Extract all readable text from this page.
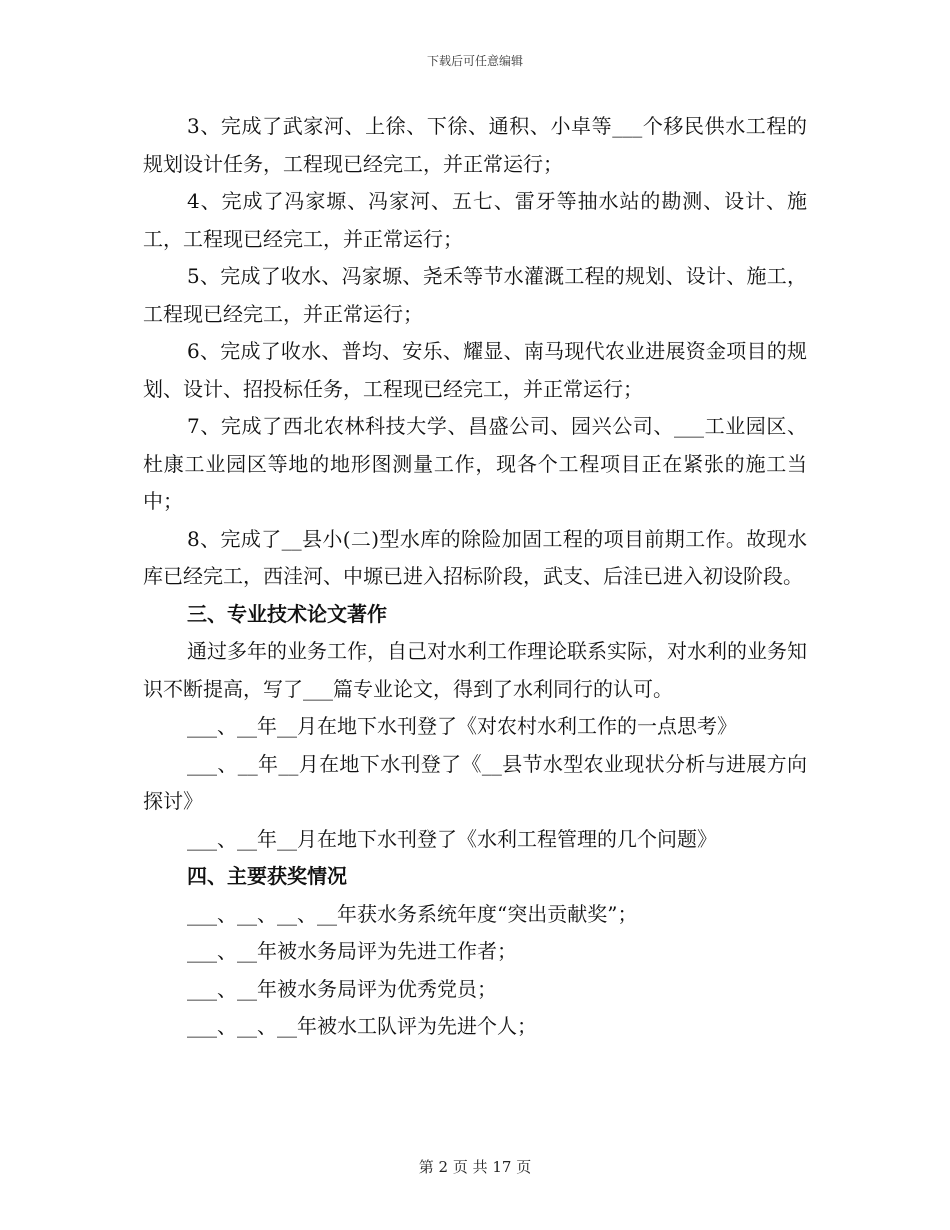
下载后可任意编辑

3、完成了武家河、上徐、下徐、通积、小卓等___个移民供水工程的规划设计任务，工程现已经完工，并正常运行；

4、完成了冯家塬、冯家河、五七、雷牙等抽水站的勘测、设计、施工，工程现已经完工，并正常运行；

5、完成了收水、冯家塬、尧禾等节水灌溉工程的规划、设计、施工，工程现已经完工，并正常运行；

6、完成了收水、普均、安乐、耀显、南马现代农业进展资金项目的规划、设计、招投标任务，工程现已经完工，并正常运行；

7、完成了西北农林科技大学、昌盛公司、园兴公司、___工业园区、杜康工业园区等地的地形图测量工作，现各个工程项目正在紧张的施工当中；

8、完成了__县小(二)型水库的除险加固工程的项目前期工作。故现水库已经完工，西洼河、中塬已进入招标阶段，武支、后洼已进入初设阶段。

三、专业技术论文著作

通过多年的业务工作，自己对水利工作理论联系实际，对水利的业务知识不断提高，写了___篇专业论文，得到了水利同行的认可。

___、__年__月在地下水刊登了《对农村水利工作的一点思考》

___、__年__月在地下水刊登了《__县节水型农业现状分析与进展方向探讨》

___、__年__月在地下水刊登了《水利工程管理的几个问题》

四、主要获奖情况

___、__、__、__年获水务系统年度“突出贡献奖”；

___、__年被水务局评为先进工作者；

___、__年被水务局评为优秀党员；

___、__、__年被水工队评为先进个人；

第 2 页 共 17 页
